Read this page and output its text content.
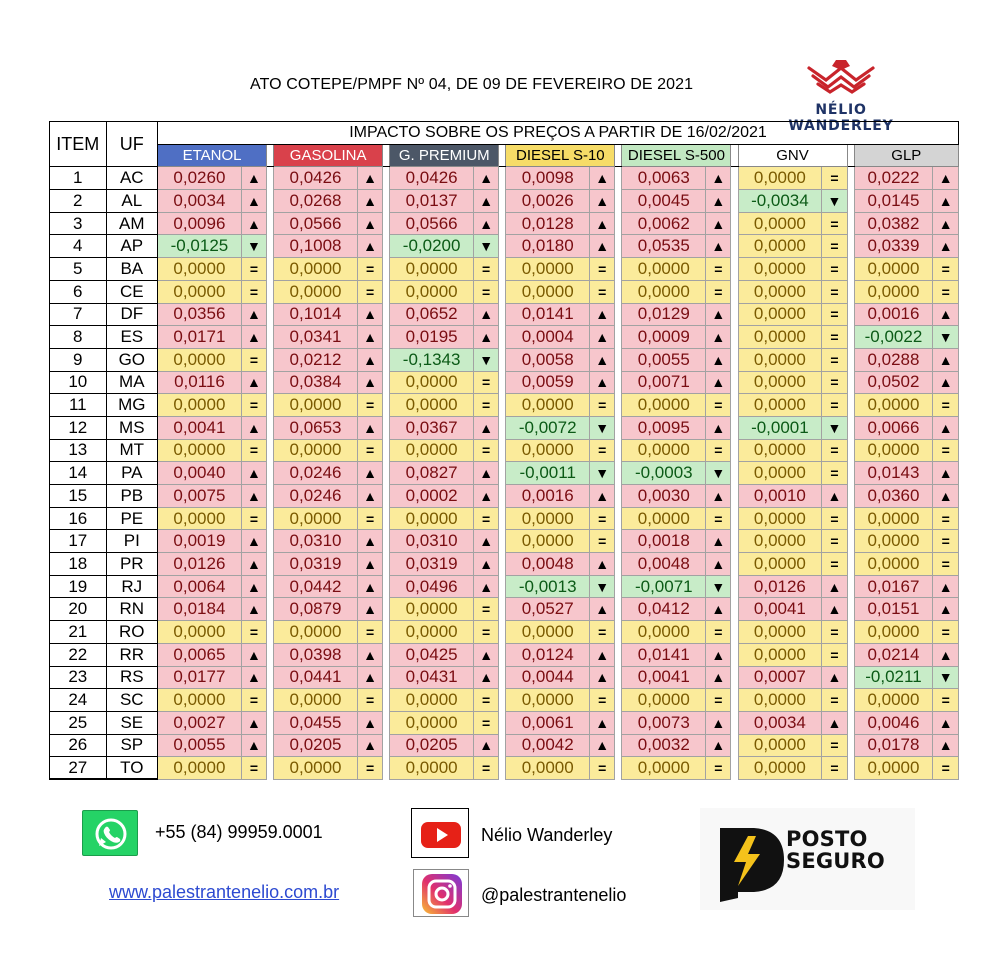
ATO COTEPE/PMPF Nº 04, DE 09 DE FEVEREIRO DE 2021
NÉLIO WANDERLEY
ITEM	UF	IMPACTO SOBRE OS PREÇOS A PARTIR DE 16/02/2021																			
		ETANOL			GASOLINA			G. PREMIUM			DIESEL S-10			DIESEL S-500			GNV			GLP	
1	AC	0,0260	▲		0,0426	▲		0,0426	▲		0,0098	▲		0,0063	▲		0,0000	=		0,0222	▲
2	AL	0,0034	▲		0,0268	▲		0,0137	▲		0,0026	▲		0,0045	▲		-0,0034	▼		0,0145	▲
3	AM	0,0096	▲		0,0566	▲		0,0566	▲		0,0128	▲		0,0062	▲		0,0000	=		0,0382	▲
4	AP	-0,0125	▼		0,1008	▲		-0,0200	▼		0,0180	▲		0,0535	▲		0,0000	=		0,0339	▲
5	BA	0,0000	=		0,0000	=		0,0000	=		0,0000	=		0,0000	=		0,0000	=		0,0000	=
6	CE	0,0000	=		0,0000	=		0,0000	=		0,0000	=		0,0000	=		0,0000	=		0,0000	=
7	DF	0,0356	▲		0,1014	▲		0,0652	▲		0,0141	▲		0,0129	▲		0,0000	=		0,0016	▲
8	ES	0,0171	▲		0,0341	▲		0,0195	▲		0,0004	▲		0,0009	▲		0,0000	=		-0,0022	▼
9	GO	0,0000	=		0,0212	▲		-0,1343	▼		0,0058	▲		0,0055	▲		0,0000	=		0,0288	▲
10	MA	0,0116	▲		0,0384	▲		0,0000	=		0,0059	▲		0,0071	▲		0,0000	=		0,0502	▲
11	MG	0,0000	=		0,0000	=		0,0000	=		0,0000	=		0,0000	=		0,0000	=		0,0000	=
12	MS	0,0041	▲		0,0653	▲		0,0367	▲		-0,0072	▼		0,0095	▲		-0,0001	▼		0,0066	▲
13	MT	0,0000	=		0,0000	=		0,0000	=		0,0000	=		0,0000	=		0,0000	=		0,0000	=
14	PA	0,0040	▲		0,0246	▲		0,0827	▲		-0,0011	▼		-0,0003	▼		0,0000	=		0,0143	▲
15	PB	0,0075	▲		0,0246	▲		0,0002	▲		0,0016	▲		0,0030	▲		0,0010	▲		0,0360	▲
16	PE	0,0000	=		0,0000	=		0,0000	=		0,0000	=		0,0000	=		0,0000	=		0,0000	=
17	PI	0,0019	▲		0,0310	▲		0,0310	▲		0,0000	=		0,0018	▲		0,0000	=		0,0000	=
18	PR	0,0126	▲		0,0319	▲		0,0319	▲		0,0048	▲		0,0048	▲		0,0000	=		0,0000	=
19	RJ	0,0064	▲		0,0442	▲		0,0496	▲		-0,0013	▼		-0,0071	▼		0,0126	▲		0,0167	▲
20	RN	0,0184	▲		0,0879	▲		0,0000	=		0,0527	▲		0,0412	▲		0,0041	▲		0,0151	▲
21	RO	0,0000	=		0,0000	=		0,0000	=		0,0000	=		0,0000	=		0,0000	=		0,0000	=
22	RR	0,0065	▲		0,0398	▲		0,0425	▲		0,0124	▲		0,0141	▲		0,0000	=		0,0214	▲
23	RS	0,0177	▲		0,0441	▲		0,0431	▲		0,0044	▲		0,0041	▲		0,0007	▲		-0,0211	▼
24	SC	0,0000	=		0,0000	=		0,0000	=		0,0000	=		0,0000	=		0,0000	=		0,0000	=
25	SE	0,0027	▲		0,0455	▲		0,0000	=		0,0061	▲		0,0073	▲		0,0034	▲		0,0046	▲
26	SP	0,0055	▲		0,0205	▲		0,0205	▲		0,0042	▲		0,0032	▲		0,0000	=		0,0178	▲
27	TO	0,0000	=		0,0000	=		0,0000	=		0,0000	=		0,0000	=		0,0000	=		0,0000	=
+55 (84) 99959.0001
www.palestrantenelio.com.br
Nélio Wanderley
@palestrantenelio
POSTO
SEGURO
